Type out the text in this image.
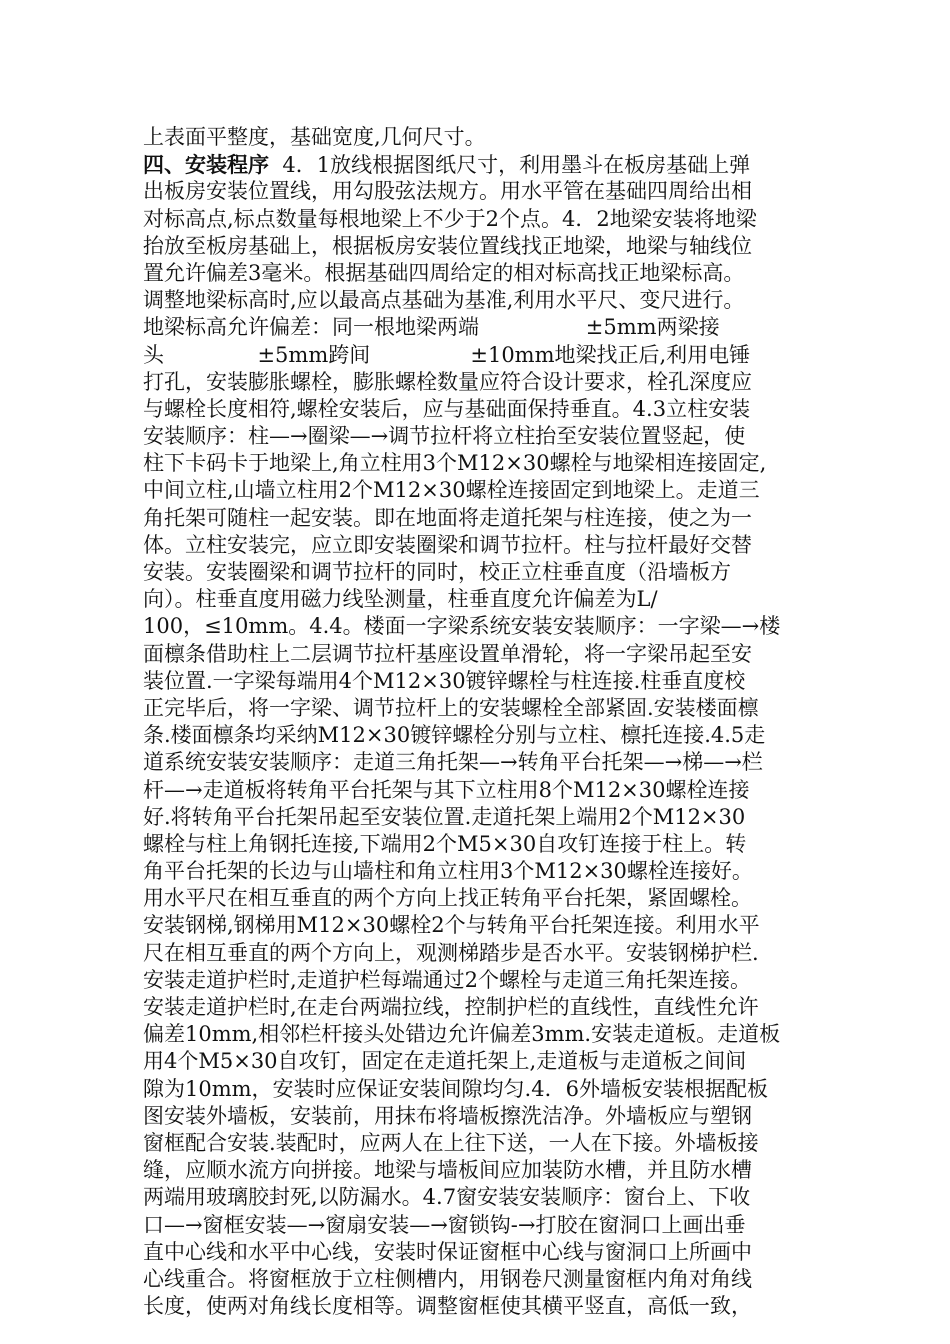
上表面平整度，基础宽度,几何尺寸。
四、安装程序  4．1放线根据图纸尺寸，利用墨斗在板房基础上弹
出板房安装位置线，用勾股弦法规方。用水平管在基础四周给出相
对标高点,标点数量每根地梁上不少于2个点。4．2地梁安装将地梁
抬放至板房基础上，根据板房安装位置线找正地梁，地梁与轴线位
置允许偏差3毫米。根据基础四周给定的相对标高找正地梁标高。
调整地梁标高时,应以最高点基础为基准,利用水平尺、变尺进行。
地梁标高允许偏差：同一根地梁两端                ±5mm两梁接
头              ±5mm跨间               ±10mm地梁找正后,利用电锤
打孔，安装膨胀螺栓，膨胀螺栓数量应符合设计要求，栓孔深度应
与螺栓长度相符,螺栓安装后，应与基础面保持垂直。4.3立柱安装
安装顺序：柱—→圈梁—→调节拉杆将立柱抬至安装位置竖起，使
柱下卡码卡于地梁上,角立柱用3个M12×30螺栓与地梁相连接固定,
中间立柱,山墙立柱用2个M12×30螺栓连接固定到地梁上。走道三
角托架可随柱一起安装。即在地面将走道托架与柱连接，使之为一
体。立柱安装完，应立即安装圈梁和调节拉杆。柱与拉杆最好交替
安装。安装圈梁和调节拉杆的同时，校正立柱垂直度（沿墙板方
向）。柱垂直度用磁力线坠测量，柱垂直度允许偏差为L/
100，≤10mm。4.4。楼面一字梁系统安装安装顺序：一字梁—→楼
面檩条借助柱上二层调节拉杆基座设置单滑轮，将一字梁吊起至安
装位置.一字梁每端用4个M12×30镀锌螺栓与柱连接.柱垂直度校
正完毕后，将一字梁、调节拉杆上的安装螺栓全部紧固.安装楼面檩
条.楼面檩条均采纳M12×30镀锌螺栓分别与立柱、檩托连接.4.5走
道系统安装安装顺序：走道三角托架—→转角平台托架—→梯—→栏
杆—→走道板将转角平台托架与其下立柱用8个M12×30螺栓连接
好.将转角平台托架吊起至安装位置.走道托架上端用2个M12×30
螺栓与柱上角钢托连接,下端用2个M5×30自攻钉连接于柱上。转
角平台托架的长边与山墙柱和角立柱用3个M12×30螺栓连接好。
用水平尺在相互垂直的两个方向上找正转角平台托架，紧固螺栓。
安装钢梯,钢梯用M12×30螺栓2个与转角平台托架连接。利用水平
尺在相互垂直的两个方向上，观测梯踏步是否水平。安装钢梯护栏.
安装走道护栏时,走道护栏每端通过2个螺栓与走道三角托架连接。
安装走道护栏时,在走台两端拉线，控制护栏的直线性，直线性允许
偏差10mm,相邻栏杆接头处错边允许偏差3mm.安装走道板。走道板
用4个M5×30自攻钉，固定在走道托架上,走道板与走道板之间间
隙为10mm，安装时应保证安装间隙均匀.4．6外墙板安装根据配板
图安装外墙板，安装前，用抹布将墙板擦洗洁净。外墙板应与塑钢
窗框配合安装.装配时，应两人在上往下送，一人在下接。外墙板接
缝，应顺水流方向拼接。地梁与墙板间应加装防水槽，并且防水槽
两端用玻璃胶封死,以防漏水。4.7窗安装安装顺序：窗台上、下收
口—→窗框安装—→窗扇安装—→窗锁钩-→打胶在窗洞口上画出垂
直中心线和水平中心线，安装时保证窗框中心线与窗洞口上所画中
心线重合。将窗框放于立柱侧槽内，用钢卷尺测量窗框内角对角线
长度，使两对角线长度相等。调整窗框使其横平竖直，高低一致，
